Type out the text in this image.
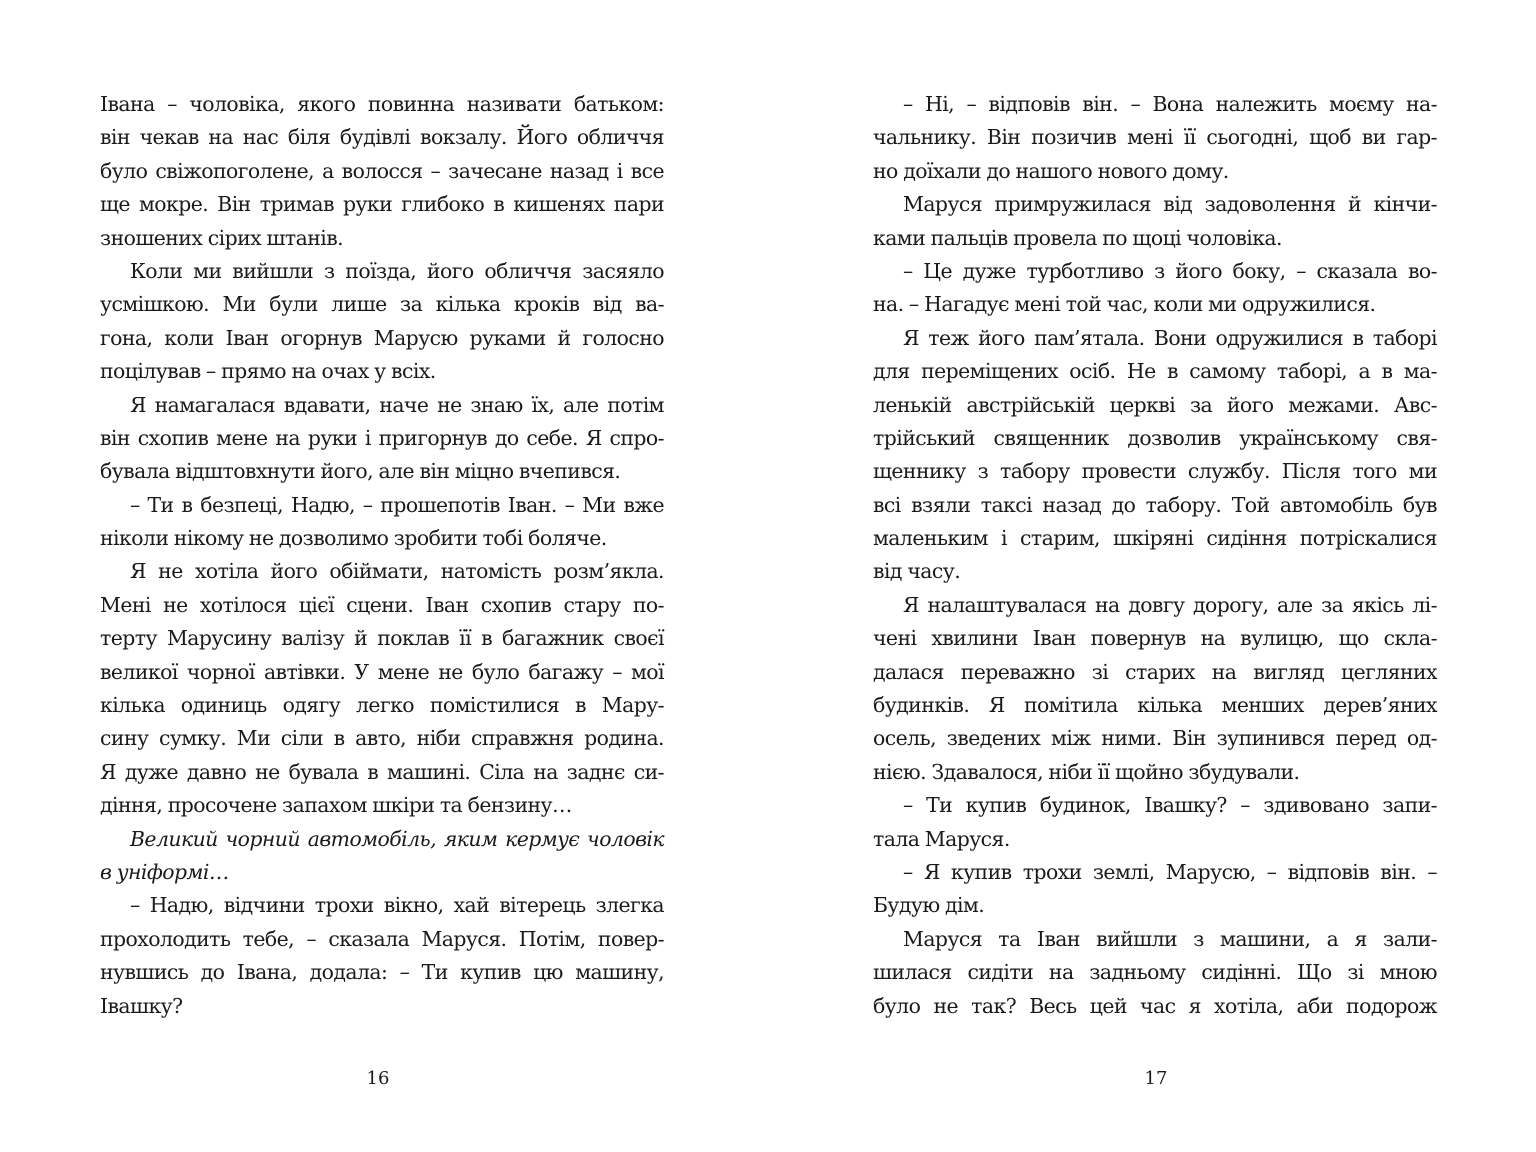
Івана – чоловіка, якого повинна називати батьком:
він чекав на нас біля будівлі вокзалу. Його обличчя
було свіжопоголене, а волосся – зачесане назад і все
ще мокре. Він тримав руки глибоко в кишенях пари
зношених сірих штанів.
Коли ми вийшли з поїзда, його обличчя засяяло
усмішкою. Ми були лише за кілька кроків від ва-
гона, коли Іван огорнув Марусю руками й голосно
поцілував – прямо на очах у всіх.
Я намагалася вдавати, наче не знаю їх, але потім
він схопив мене на руки і пригорнув до себе. Я спро-
бувала відштовхнути його, але він міцно вчепився.
– Ти в безпеці, Надю, – прошепотів Іван. – Ми вже
ніколи нікому не дозволимо зробити тобі боляче.
Я не хотіла його обіймати, натомість розм’якла.
Мені не хотілося цієї сцени. Іван схопив стару по-
терту Марусину валізу й поклав її в багажник своєї
великої чорної автівки. У мене не було багажу – мої
кілька одиниць одягу легко помістилися в Мару-
сину сумку. Ми сіли в авто, ніби справжня родина.
Я дуже давно не бувала в машині. Сіла на заднє си-
діння, просочене запахом шкіри та бензину…
Великий чорний автомобіль, яким кермує чоловік
в уніформі…
– Надю, відчини трохи вікно, хай вітерець злегка
прохолодить тебе, – сказала Маруся. Потім, повер-
нувшись до Івана, додала: – Ти купив цю машину,
Івашку?
16
– Ні, – відповів він. – Вона належить моєму на-
чальнику. Він позичив мені її сьогодні, щоб ви гар-
но доїхали до нашого нового дому.
Маруся примружилася від задоволення й кінчи-
ками пальців провела по щоці чоловіка.
– Це дуже турботливо з його боку, – сказала во-
на. – Нагадує мені той час, коли ми одружилися.
Я теж його пам’ятала. Вони одружилися в таборі
для переміщених осіб. Не в самому таборі, а в ма-
ленькій австрійській церкві за його межами. Авс-
трійський священник дозволив українському свя-
щеннику з табору провести службу. Після того ми
всі взяли таксі назад до табору. Той автомобіль був
маленьким і старим, шкіряні сидіння потріскалися
від часу.
Я налаштувалася на довгу дорогу, але за якісь лі-
чені хвилини Іван повернув на вулицю, що скла-
далася переважно зі старих на вигляд цегляних
будинків. Я помітила кілька менших дерев’яних
осель, зведених між ними. Він зупинився перед од-
нією. Здавалося, ніби її щойно збудували.
– Ти купив будинок, Івашку? – здивовано запи-
тала Маруся.
– Я купив трохи землі, Марусю, – відповів він. –
Будую дім.
Маруся та Іван вийшли з машини, а я зали-
шилася сидіти на задньому сидінні. Що зі мною
було не так? Весь цей час я хотіла, аби подорож
17
